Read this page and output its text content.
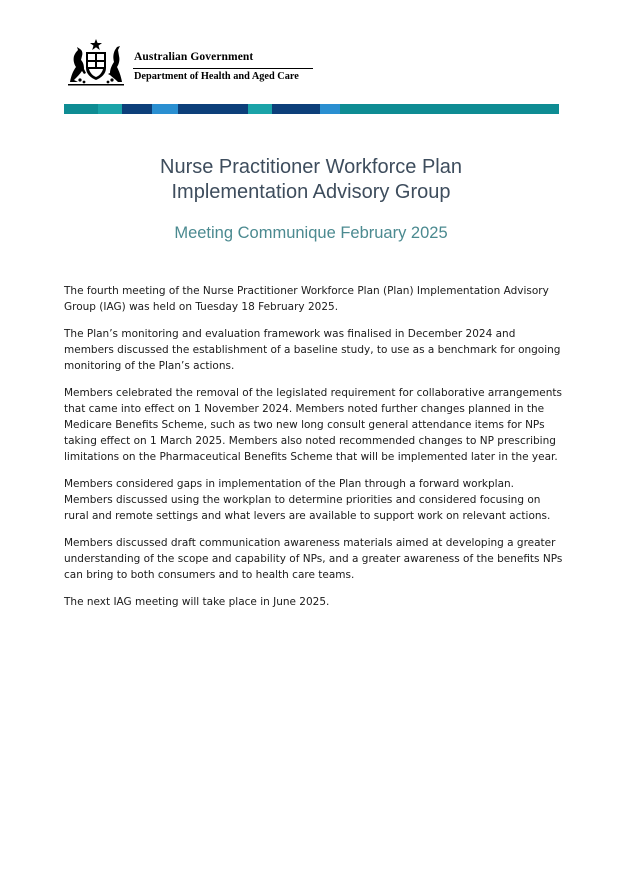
Australian Government
Department of Health and Aged Care
Nurse Practitioner Workforce Plan
Implementation Advisory Group
Meeting Communique February 2025

The fourth meeting of the Nurse Practitioner Workforce Plan (Plan) Implementation Advisory Group (IAG) was held on Tuesday 18 February 2025.

The Plan’s monitoring and evaluation framework was finalised in December 2024 and members discussed the establishment of a baseline study, to use as a benchmark for ongoing monitoring of the Plan’s actions.

Members celebrated the removal of the legislated requirement for collaborative arrangements that came into effect on 1 November 2024. Members noted further changes planned in the Medicare Benefits Scheme, such as two new long consult general attendance items for NPs taking effect on 1 March 2025. Members also noted recommended changes to NP prescribing limitations on the Pharmaceutical Benefits Scheme that will be implemented later in the year.

Members considered gaps in implementation of the Plan through a forward workplan. Members discussed using the workplan to determine priorities and considered focusing on rural and remote settings and what levers are available to support work on relevant actions.

Members discussed draft communication awareness materials aimed at developing a greater understanding of the scope and capability of NPs, and a greater awareness of the benefits NPs can bring to both consumers and to health care teams.

The next IAG meeting will take place in June 2025.
